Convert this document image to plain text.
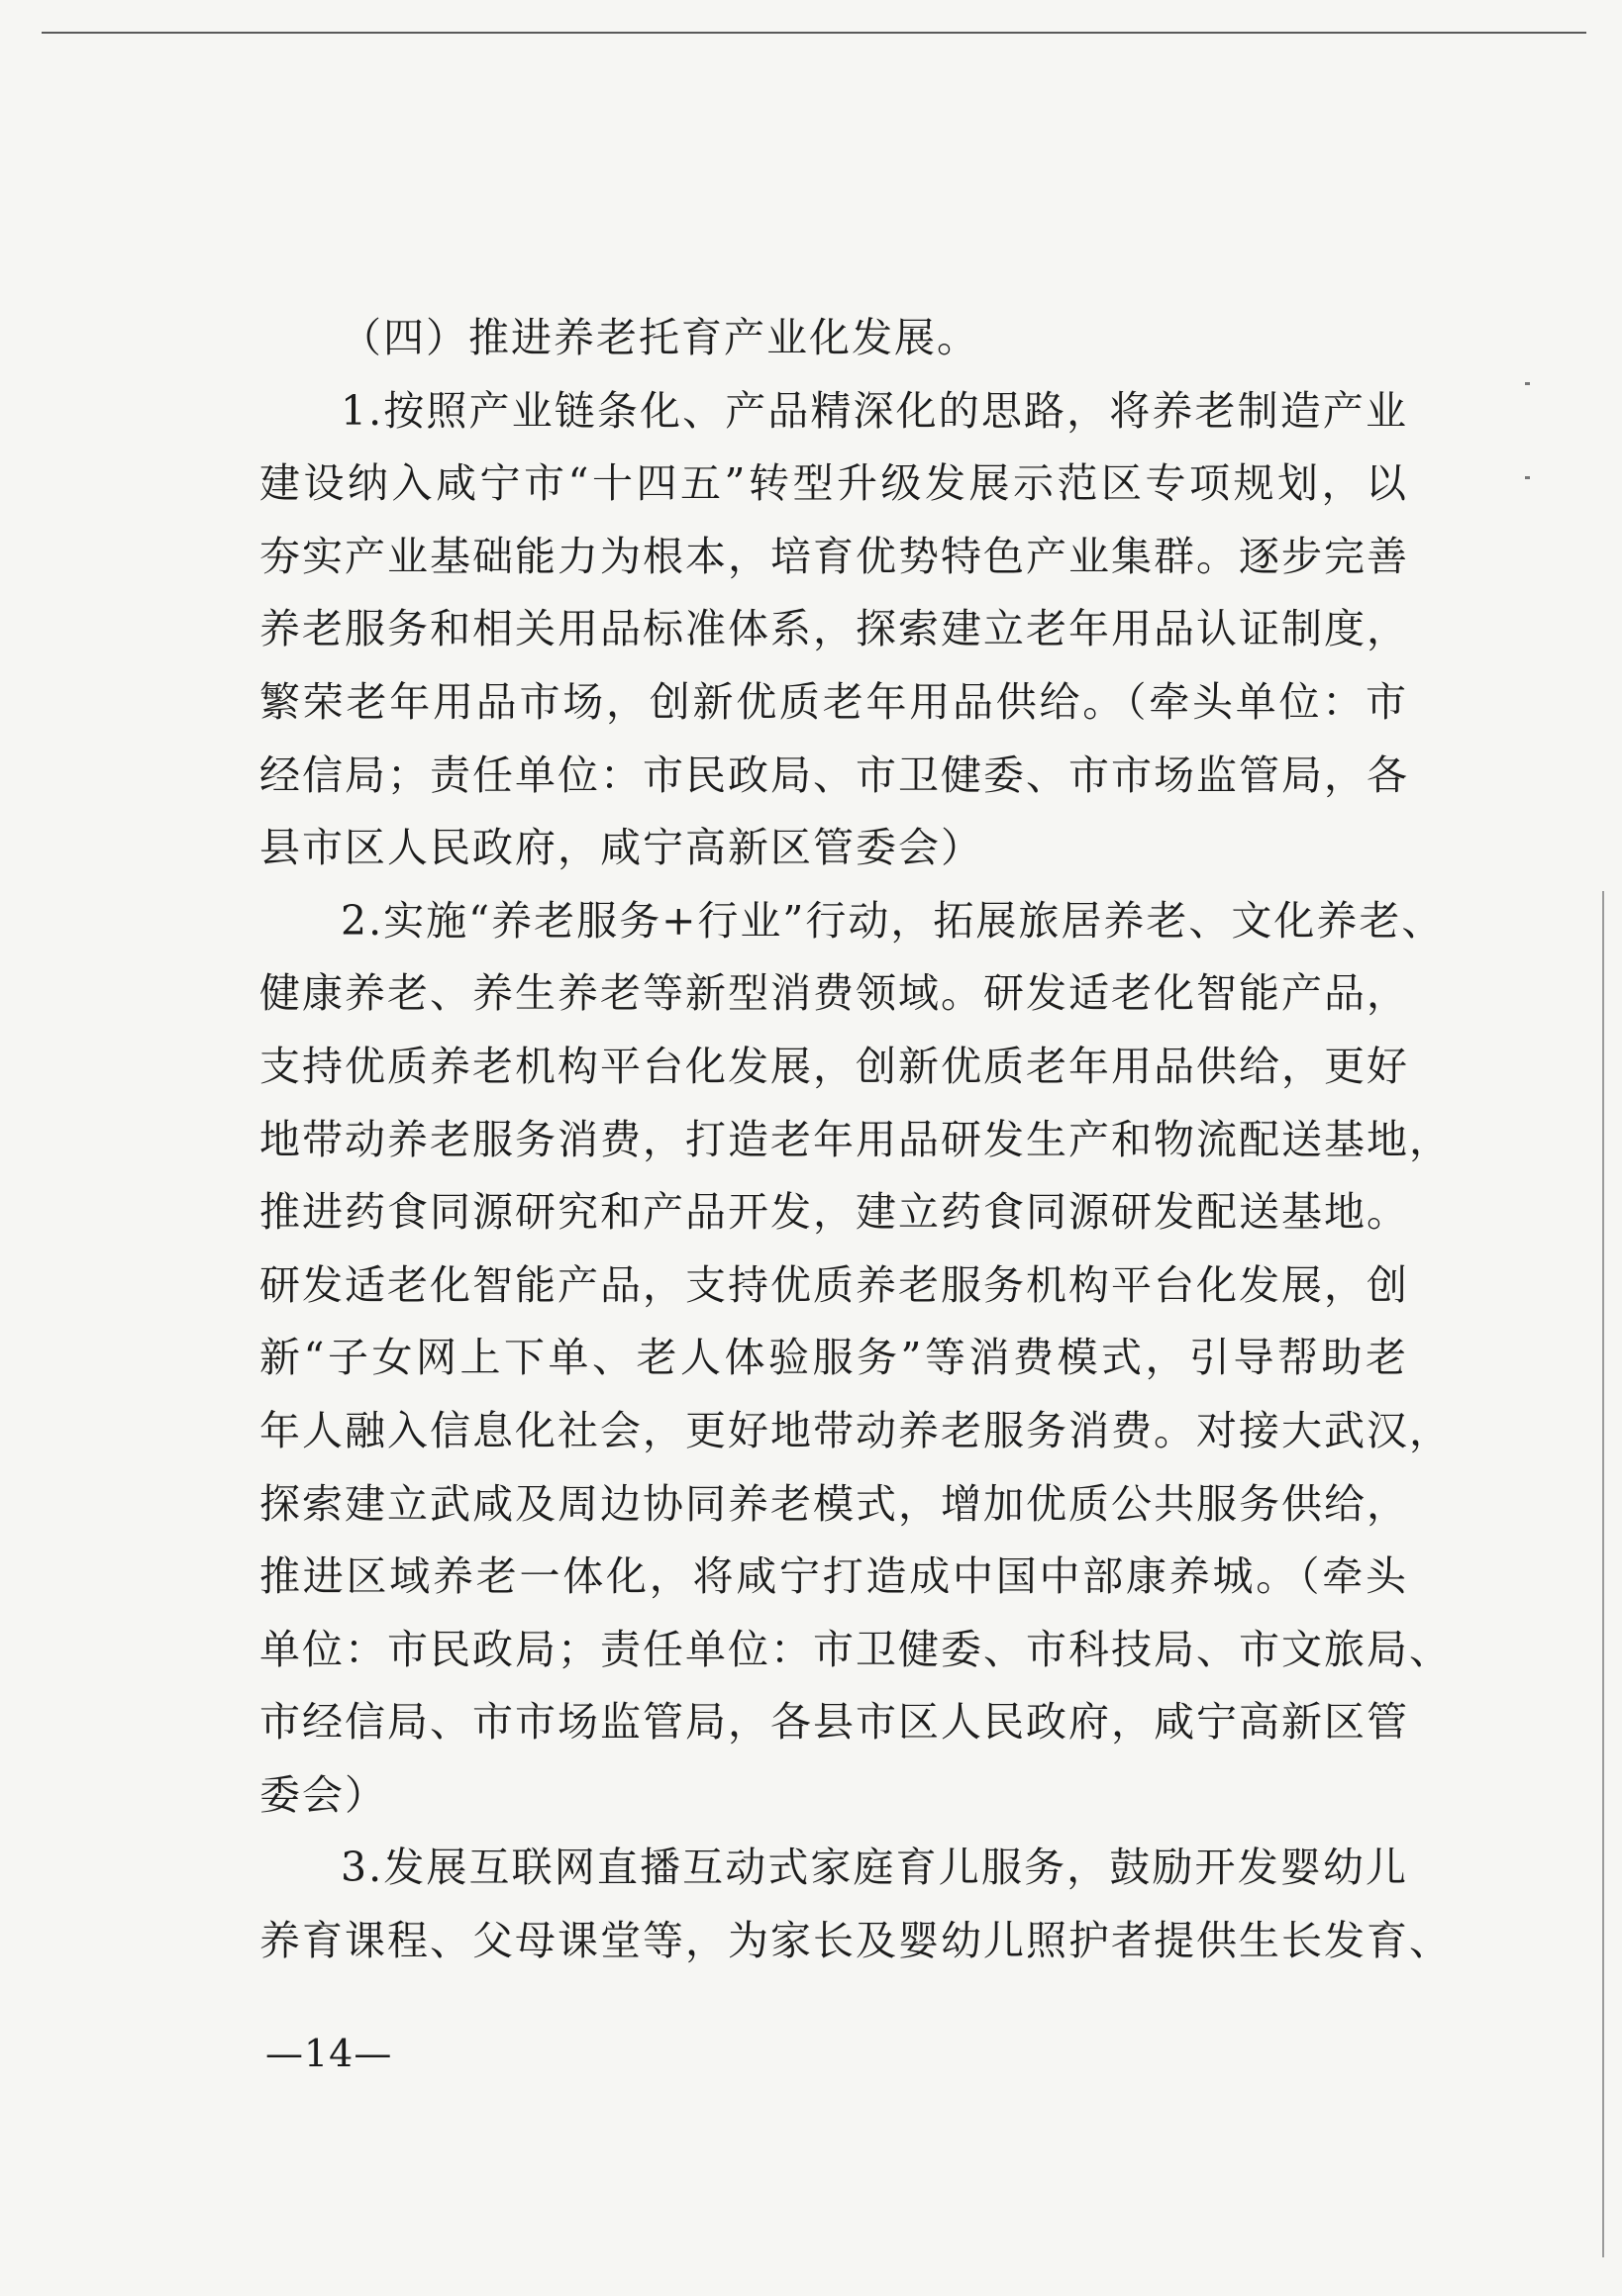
（四）推进养老托育产业化发展。
1.按照产业链条化、产品精深化的思路，将养老制造产业
建设纳入咸宁市“十四五”转型升级发展示范区专项规划，以
夯实产业基础能力为根本，培育优势特色产业集群。逐步完善
养老服务和相关用品标准体系，探索建立老年用品认证制度，
繁荣老年用品市场，创新优质老年用品供给。（牵头单位：市
经信局；责任单位：市民政局、市卫健委、市市场监管局，各
县市区人民政府，咸宁高新区管委会）
2.实施“养老服务+行业”行动，拓展旅居养老、文化养老、
健康养老、养生养老等新型消费领域。研发适老化智能产品，
支持优质养老机构平台化发展，创新优质老年用品供给，更好
地带动养老服务消费，打造老年用品研发生产和物流配送基地，
推进药食同源研究和产品开发，建立药食同源研发配送基地。
研发适老化智能产品，支持优质养老服务机构平台化发展，创
新“子女网上下单、老人体验服务”等消费模式，引导帮助老
年人融入信息化社会，更好地带动养老服务消费。对接大武汉，
探索建立武咸及周边协同养老模式，增加优质公共服务供给，
推进区域养老一体化，将咸宁打造成中国中部康养城。（牵头
单位：市民政局；责任单位：市卫健委、市科技局、市文旅局、
市经信局、市市场监管局，各县市区人民政府，咸宁高新区管
委会）
3.发展互联网直播互动式家庭育儿服务，鼓励开发婴幼儿
养育课程、父母课堂等，为家长及婴幼儿照护者提供生长发育、
—14—
